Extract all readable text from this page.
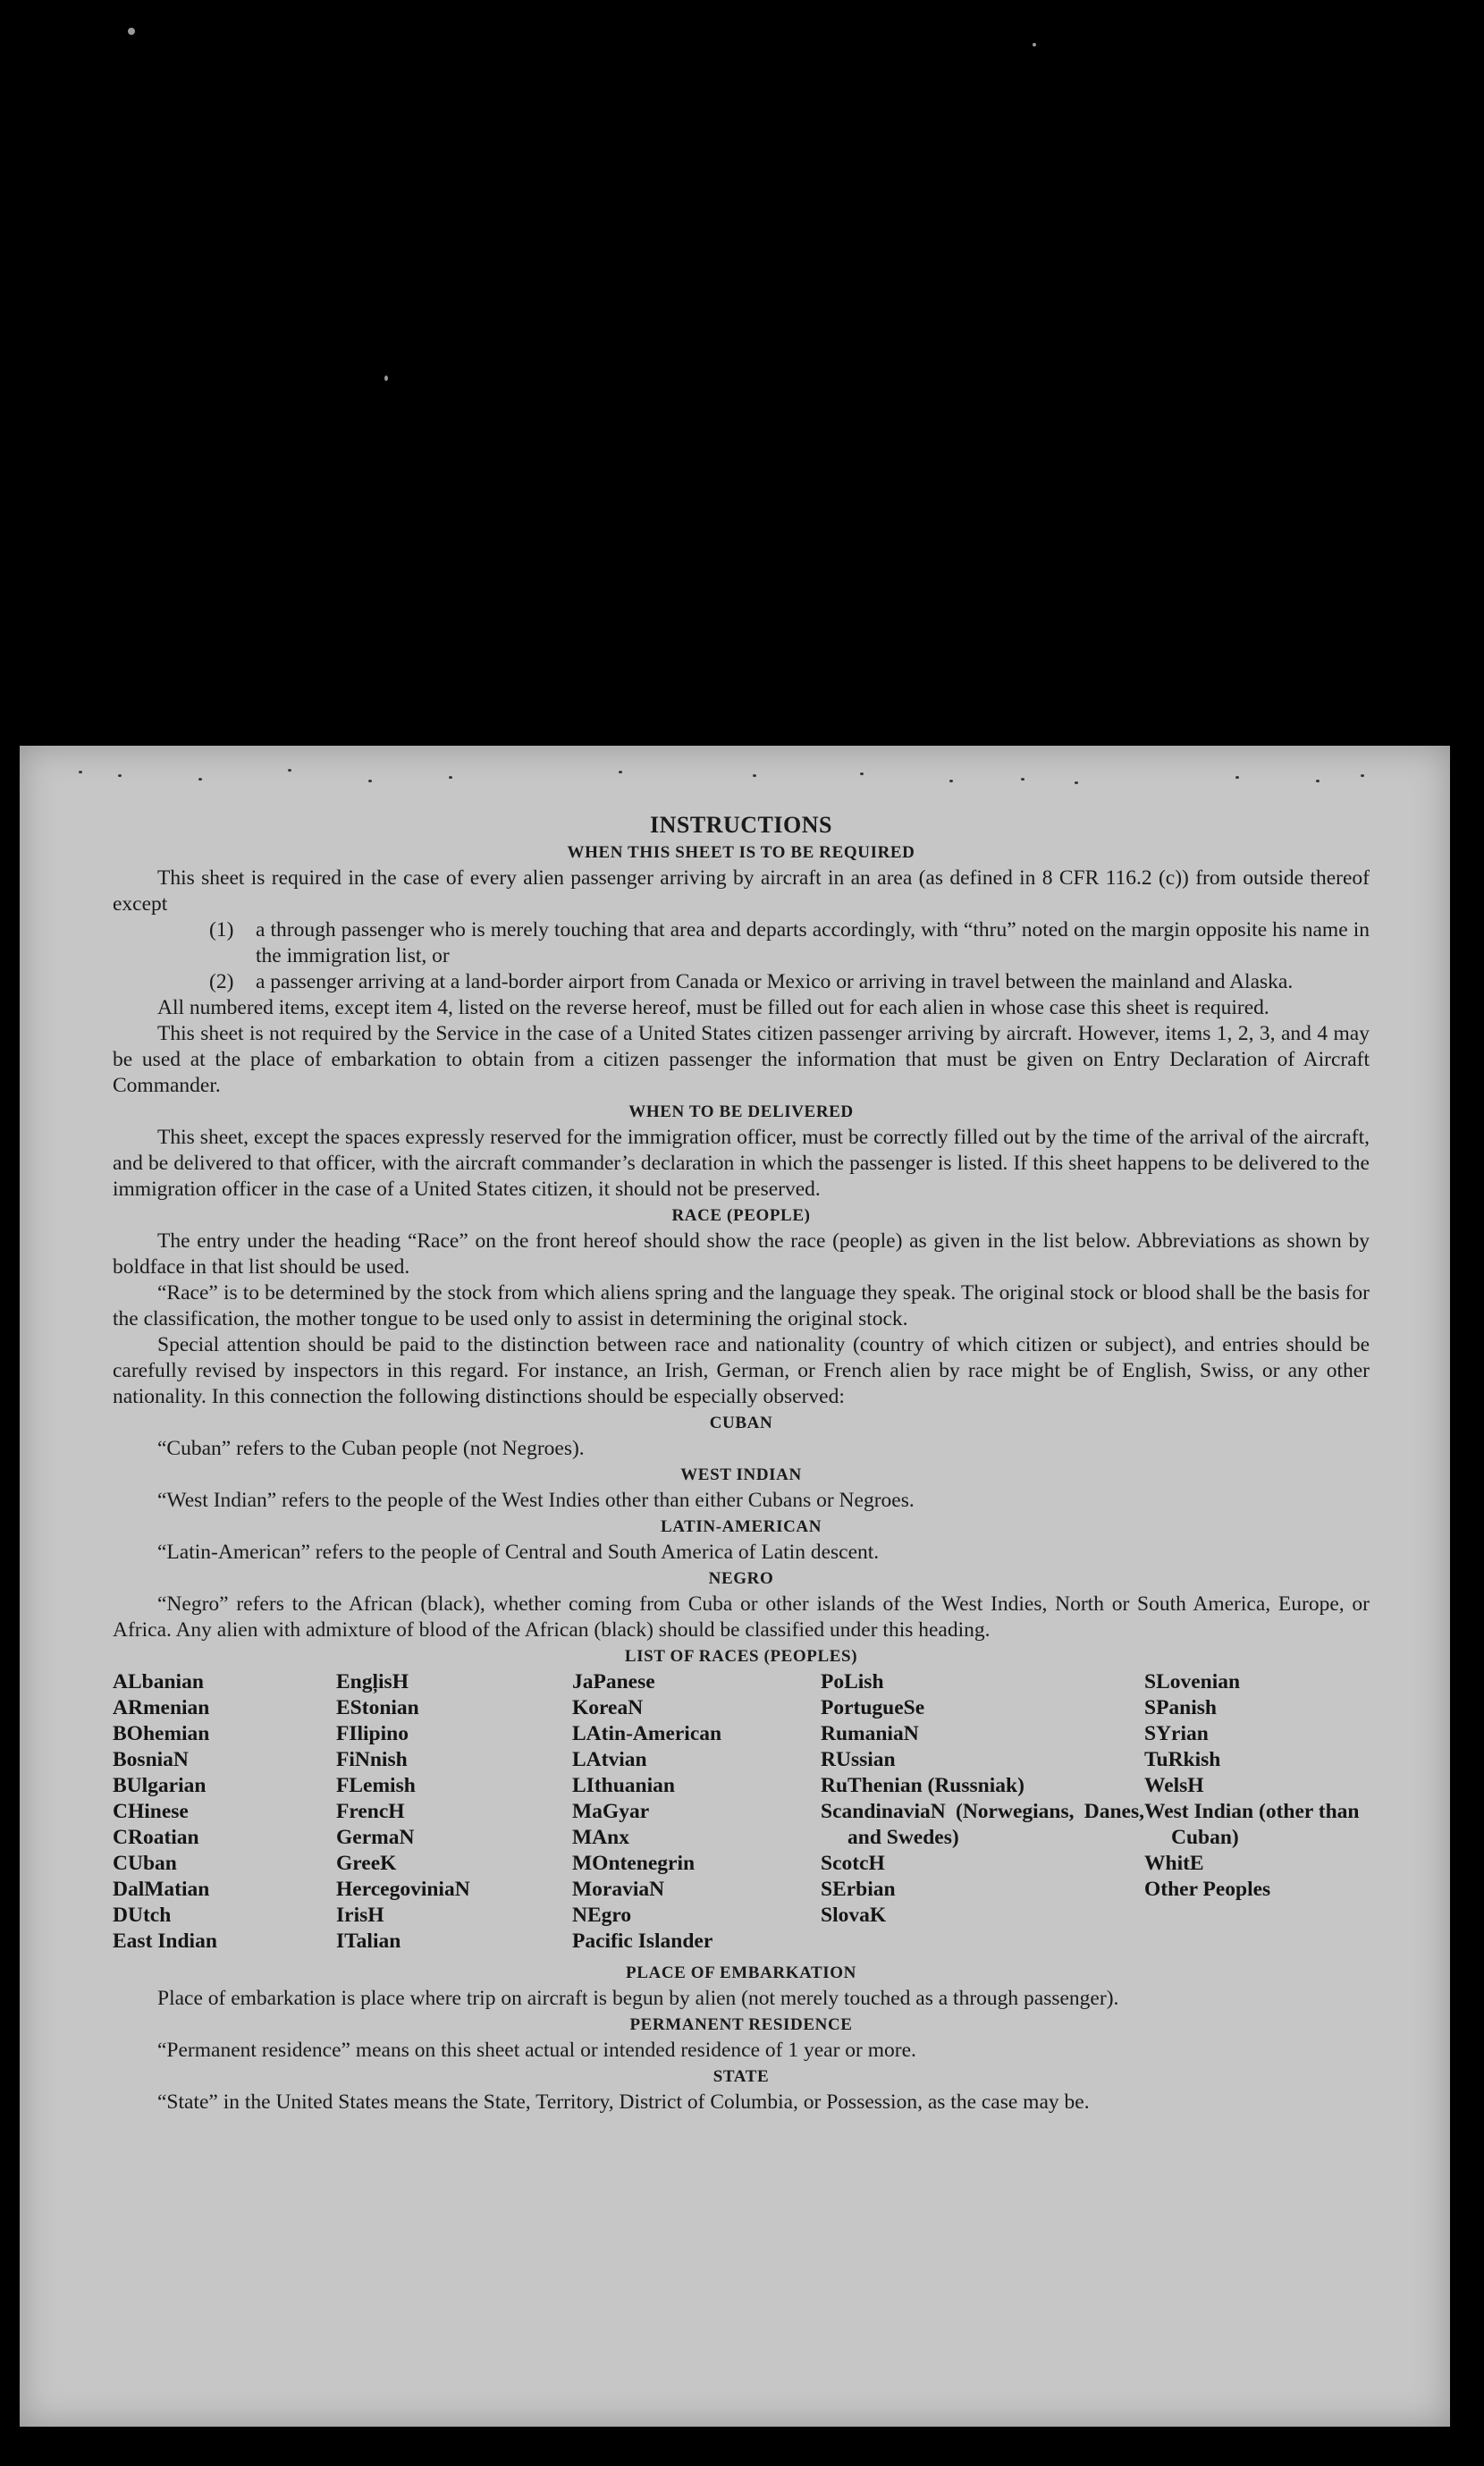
INSTRUCTIONS
WHEN THIS SHEET IS TO BE REQUIRED

This sheet is required in the case of every alien passenger arriving by aircraft in an area (as defined in 8 CFR 116.2 (c)) from outside thereof except

(1)	a through passenger who is merely touching that area and departs accordingly, with “thru” noted on the margin opposite his name in the immigration list, or
(2)	a passenger arriving at a land-border airport from Canada or Mexico or arriving in travel between the mainland and Alaska.

All numbered items, except item 4, listed on the reverse hereof, must be filled out for each alien in whose case this sheet is required.

This sheet is not required by the Service in the case of a United States citizen passenger arriving by aircraft. However, items 1, 2, 3, and 4 may be used at the place of embarkation to obtain from a citizen passenger the information that must be given on Entry Declaration of Aircraft Commander.

WHEN TO BE DELIVERED

This sheet, except the spaces expressly reserved for the immigration officer, must be correctly filled out by the time of the arrival of the aircraft, and be delivered to that officer, with the aircraft commander’s declaration in which the passenger is listed. If this sheet happens to be delivered to the immigration officer in the case of a United States citizen, it should not be preserved.

RACE (PEOPLE)

The entry under the heading “Race” on the front hereof should show the race (people) as given in the list below. Abbreviations as shown by boldface in that list should be used.

“Race” is to be determined by the stock from which aliens spring and the language they speak. The original stock or blood shall be the basis for the classification, the mother tongue to be used only to assist in determining the original stock.

Special attention should be paid to the distinction between race and nationality (country of which citizen or subject), and entries should be carefully revised by inspectors in this regard. For instance, an Irish, German, or French alien by race might be of English, Swiss, or any other nationality. In this connection the following distinctions should be especially observed:

CUBAN

“Cuban” refers to the Cuban people (not Negroes).

WEST INDIAN

“West Indian” refers to the people of the West Indies other than either Cubans or Negroes.

LATIN-AMERICAN

“Latin-American” refers to the people of Central and South America of Latin descent.

NEGRO

“Negro” refers to the African (black), whether coming from Cuba or other islands of the West Indies, North or South America, Europe, or Africa. Any alien with admixture of blood of the African (black) should be classified under this heading.

LIST OF RACES (PEOPLES)
ALbanian
ARmenian
BOhemian
BosniaN
BUlgarian
CHinese
CRoatian
CUban
DalMatian
DUtch
East Indian
EngļisH
EStonian
FIlipino
FiNnish
FLemish
FrencH
GermaN
GreeK
HercegoviniaN
IrisH
ITalian
JaPanese
KoreaN
LAtin-American
LAtvian
LIthuanian
MaGyar
MAnx
MOntenegrin
MoraviaN
NEgro
Pacific Islander
PoLish
PortugueSe
RumaniaN
RUssian
RuThenian (Russniak)
ScandinaviaN (Norwegians, Danes, and Swedes)
ScotcH
SErbian
SlovaK
SLovenian
SPanish
SYrian
TuRkish
WelsH
West Indian (other than Cuban)
WhitE
Other Peoples
PLACE OF EMBARKATION

Place of embarkation is place where trip on aircraft is begun by alien (not merely touched as a through passenger).

PERMANENT RESIDENCE

“Permanent residence” means on this sheet actual or intended residence of 1 year or more.

STATE

“State” in the United States means the State, Territory, District of Columbia, or Possession, as the case may be.
